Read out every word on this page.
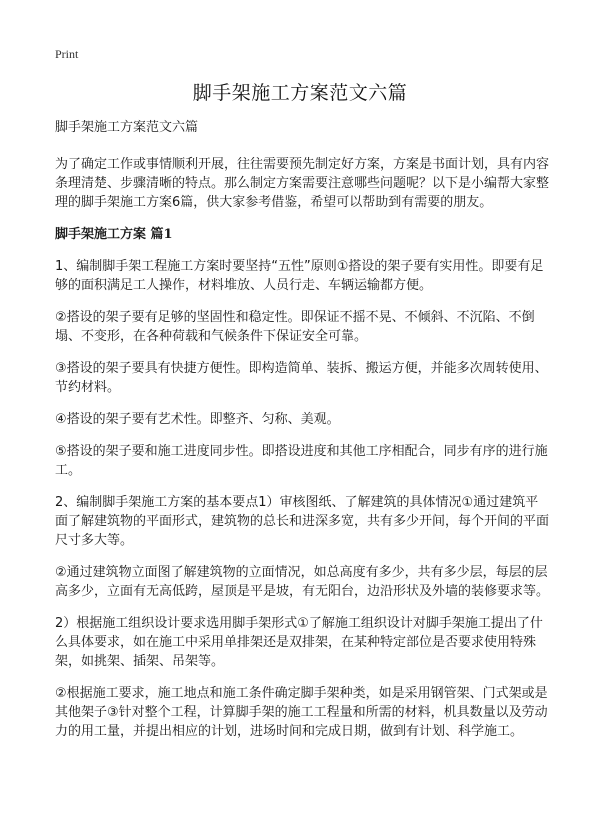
Print
脚手架施工方案范文六篇

脚手架施工方案范文六篇

为了确定工作或事情顺利开展，往往需要预先制定好方案，方案是书面计划，具有内容条理清楚、步骤清晰的特点。那么制定方案需要注意哪些问题呢？以下是小编帮大家整理的脚手架施工方案6篇，供大家参考借鉴，希望可以帮助到有需要的朋友。

脚手架施工方案 篇1

1、编制脚手架工程施工方案时要坚持“五性”原则①搭设的架子要有实用性。即要有足够的面积满足工人操作，材料堆放、人员行走、车辆运输都方便。

②搭设的架子要有足够的坚固性和稳定性。即保证不摇不晃、不倾斜、不沉陷、不倒塌、不变形，在各种荷载和气候条件下保证安全可靠。

③搭设的架子要具有快捷方便性。即构造简单、装拆、搬运方便，并能多次周转使用、节约材料。

④搭设的架子要有艺术性。即整齐、匀称、美观。

⑤搭设的架子要和施工进度同步性。即搭设进度和其他工序相配合，同步有序的进行施工。

2、编制脚手架施工方案的基本要点1）审核图纸、了解建筑的具体情况①通过建筑平面了解建筑物的平面形式，建筑物的总长和进深多宽，共有多少开间，每个开间的平面尺寸多大等。

②通过建筑物立面图了解建筑物的立面情况，如总高度有多少，共有多少层，每层的层高多少，立面有无高低跨，屋顶是平是坡，有无阳台，边沿形状及外墙的装修要求等。

2）根据施工组织设计要求选用脚手架形式①了解施工组织设计对脚手架施工提出了什么具体要求，如在施工中采用单排架还是双排架，在某种特定部位是否要求使用特殊架，如挑架、插架、吊架等。

②根据施工要求，施工地点和施工条件确定脚手架种类，如是采用钢管架、门式架或是其他架子③针对整个工程，计算脚手架的施工工程量和所需的材料，机具数量以及劳动力的用工量，并提出相应的计划，进场时间和完成日期，做到有计划、科学施工。
